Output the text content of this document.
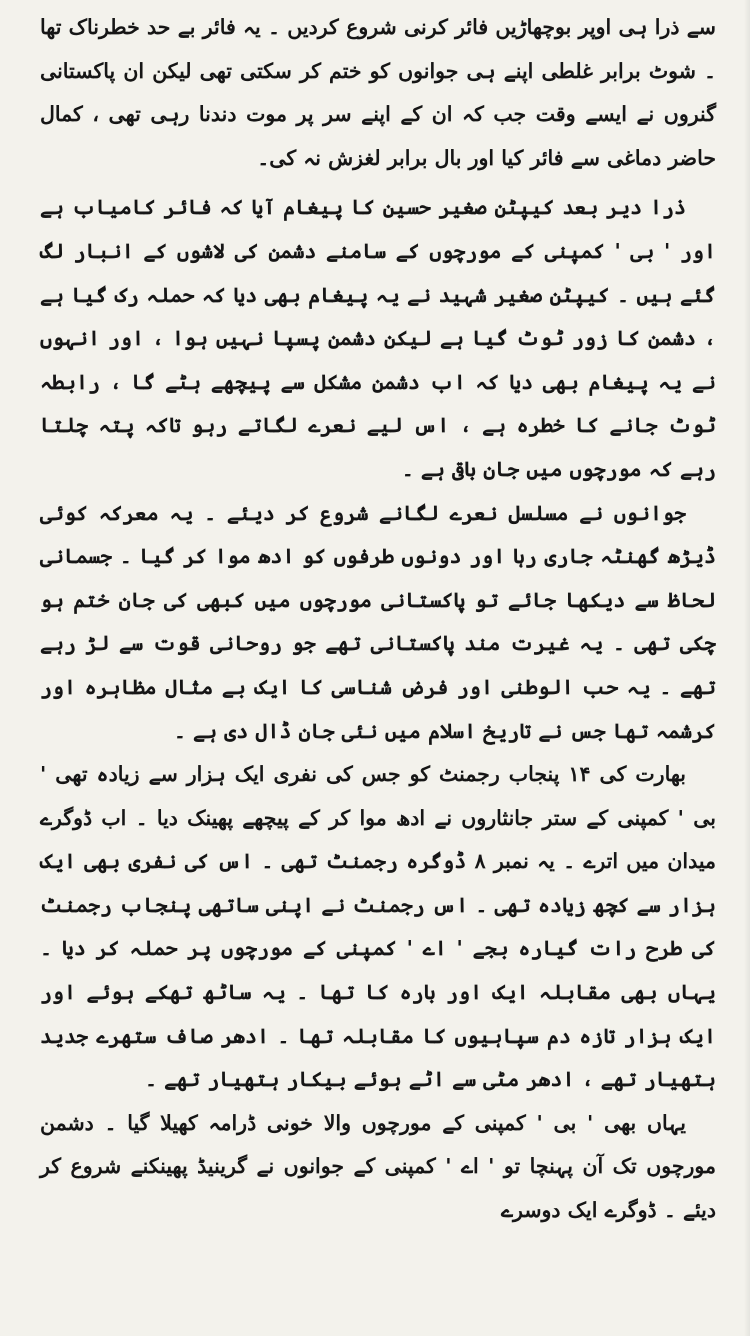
سے ذرا ہی اوپر بوچھاڑیں فائر کرنی شروع کردیں ۔ یہ فائر بے حد خطرناک تھا ۔ شوٹ برابر غلطی اپنے ہی جوانوں کو ختم کر سکتی تھی لیکن ان پاکستانی گنروں نے ایسے وقت جب کہ ان کے اپنے سر پر موت دندنا رہی تھی ، کمال حاضر دماغی سے فائر کیا اور بال برابر لغزش نہ کی۔

ذرا دیر بعد کیپٹن صغیر حسین کا پیغام آیا کہ فائر کامیاب ہے اور ' بی ' کمپنی کے مورچوں کے سامنے دشمن کی لاشوں کے انبار لگ گئے ہیں ۔ کیپٹن صغیر شہید نے یہ پیغام بھی دیا کہ حملہ رک گیا ہے ، دشمن کا زور ٹوٹ گیا ہے لیکن دشمن پسپا نہیں ہوا ، اور انہوں نے یہ پیغام بھی دیا کہ اب دشمن مشکل سے پیچھے ہٹے گا ، رابطہ ٹوٹ جانے کا خطرہ ہے ، اس لیے نعرے لگاتے رہو تاکہ پتہ چلتا رہے کہ مورچوں میں جان باقی ہے ۔

جوانوں نے مسلسل نعرے لگانے شروع کر دیئے ۔ یہ معرکہ کوئی ڈیڑھ گھنٹہ جاری رہا اور دونوں طرفوں کو ادھ موا کر گیا ۔ جسمانی لحاظ سے دیکھا جائے تو پاکستانی مورچوں میں کبھی کی جان ختم ہو چکی تھی ۔ یہ غیرت مند پاکستانی تھے جو روحانی قوت سے لڑ رہے تھے ۔ یہ حب الوطنی اور فرض شناسی کا ایک بے مثال مظاہرہ اور کرشمہ تھا جس نے تاریخ اسلام میں نئی جان ڈال دی ہے ۔

بھارت کی ۱۴ پنجاب رجمنٹ کو جس کی نفری ایک ہزار سے زیادہ تھی ' بی ' کمپنی کے ستر جانثاروں نے ادھ موا کر کے پیچھے پھینک دیا ۔ اب ڈوگرے میدان میں اترے ۔ یہ نمبر ۸ ڈوگرہ رجمنٹ تھی ۔ اس کی نفری بھی ایک ہزار سے کچھ زیادہ تھی ۔ اس رجمنٹ نے اپنی ساتھی پنجاب رجمنٹ کی طرح رات گیارہ بجے ' اے ' کمپنی کے مورچوں پر حملہ کر دیا ۔ یہاں بھی مقابلہ ایک اور بارہ کا تھا ۔ یہ ساٹھ تھکے ہوئے اور ایک ہزار تازہ دم سپاہیوں کا مقابلہ تھا ۔ ادھر صاف ستھرے جدید ہتھیار تھے ، ادھر مٹی سے اٹے ہوئے بیکار ہتھیار تھے ۔

یہاں بھی ' بی ' کمپنی کے مورچوں والا خونی ڈرامہ کھیلا گیا ۔ دشمن مورچوں تک آن پہنچا تو ' اے ' کمپنی کے جوانوں نے گرینیڈ پھینکنے شروع کر دیئے ۔ ڈوگرے ایک دوسرے
